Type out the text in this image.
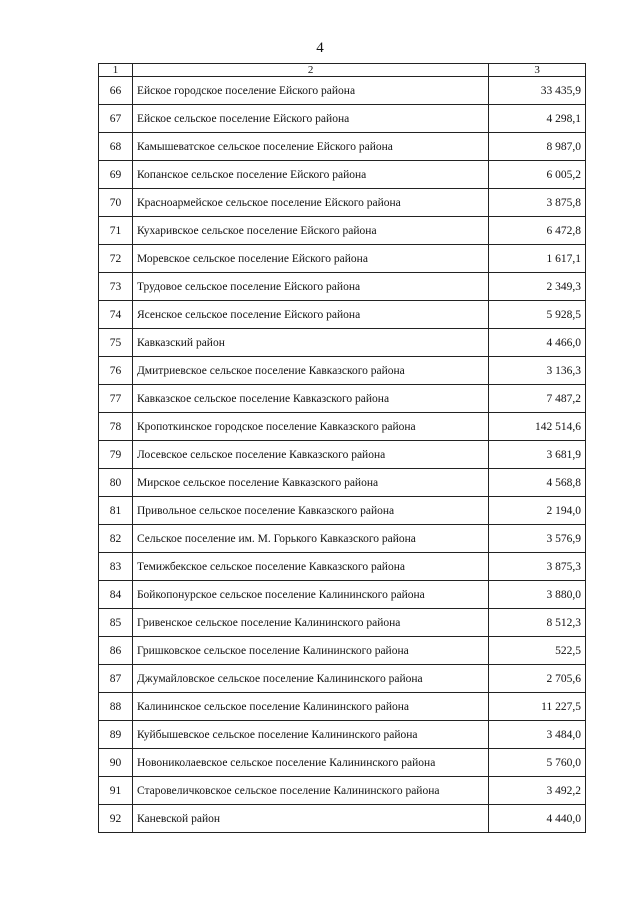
4
1	2	3
66	Ейское городское поселение Ейского района	33 435,9
67	Ейское сельское поселение Ейского района	4 298,1
68	Камышеватское сельское поселение Ейского района	8 987,0
69	Копанское сельское поселение Ейского района	6 005,2
70	Красноармейское сельское поселение Ейского района	3 875,8
71	Кухаривское сельское поселение Ейского района	6 472,8
72	Моревское сельское поселение Ейского района	1 617,1
73	Трудовое сельское поселение Ейского района	2 349,3
74	Ясенское сельское поселение Ейского района	5 928,5
75	Кавказский район	4 466,0
76	Дмитриевское сельское поселение Кавказского района	3 136,3
77	Кавказское сельское поселение Кавказского района	7 487,2
78	Кропоткинское городское поселение Кавказского района	142 514,6
79	Лосевское сельское поселение Кавказского района	3 681,9
80	Мирское сельское поселение Кавказского района	4 568,8
81	Привольное сельское поселение Кавказского района	2 194,0
82	Сельское поселение им. М. Горького Кавказского района	3 576,9
83	Темижбекское сельское поселение Кавказского района	3 875,3
84	Бойкопонурское сельское поселение Калининского района	3 880,0
85	Гривенское сельское поселение Калининского района	8 512,3
86	Гришковское сельское поселение Калининского района	522,5
87	Джумайловское сельское поселение Калининского района	2 705,6
88	Калининское сельское поселение Калининского района	11 227,5
89	Куйбышевское сельское поселение Калининского района	3 484,0
90	Новониколаевское сельское поселение Калининского района	5 760,0
91	Старовеличковское сельское поселение Калининского района	3 492,2
92	Каневской район	4 440,0
